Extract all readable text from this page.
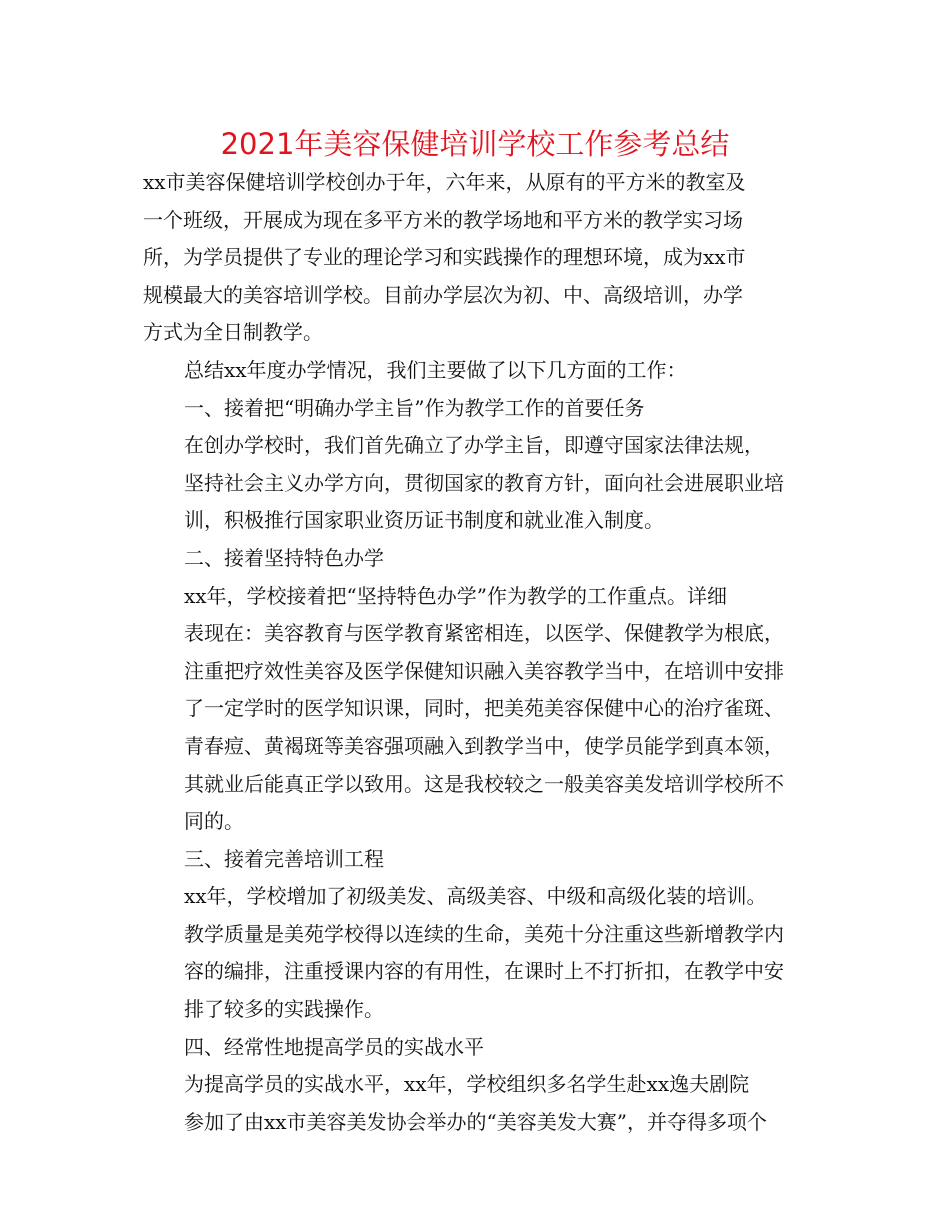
2021年美容保健培训学校工作参考总结
xx市美容保健培训学校创办于年，六年来，从原有的平方米的教室及
一个班级，开展成为现在多平方米的教学场地和平方米的教学实习场
所，为学员提供了专业的理论学习和实践操作的理想环境，成为xx市
规模最大的美容培训学校。目前办学层次为初、中、高级培训，办学
方式为全日制教学。
总结xx年度办学情况，我们主要做了以下几方面的工作：
一、接着把“明确办学主旨”作为教学工作的首要任务
在创办学校时，我们首先确立了办学主旨，即遵守国家法律法规，
坚持社会主义办学方向，贯彻国家的教育方针，面向社会进展职业培
训，积极推行国家职业资历证书制度和就业准入制度。
二、接着坚持特色办学
xx年，学校接着把“坚持特色办学”作为教学的工作重点。详细
表现在：美容教育与医学教育紧密相连，以医学、保健教学为根底，
注重把疗效性美容及医学保健知识融入美容教学当中，在培训中安排
了一定学时的医学知识课，同时，把美苑美容保健中心的治疗雀斑、
青春痘、黄褐斑等美容强项融入到教学当中，使学员能学到真本领，
其就业后能真正学以致用。这是我校较之一般美容美发培训学校所不
同的。
三、接着完善培训工程
xx年，学校增加了初级美发、高级美容、中级和高级化装的培训。
教学质量是美苑学校得以连续的生命，美苑十分注重这些新增教学内
容的编排，注重授课内容的有用性，在课时上不打折扣，在教学中安
排了较多的实践操作。
四、经常性地提高学员的实战水平
为提高学员的实战水平，xx年，学校组织多名学生赴xx逸夫剧院
参加了由xx市美容美发协会举办的“美容美发大赛”，并夺得多项个
